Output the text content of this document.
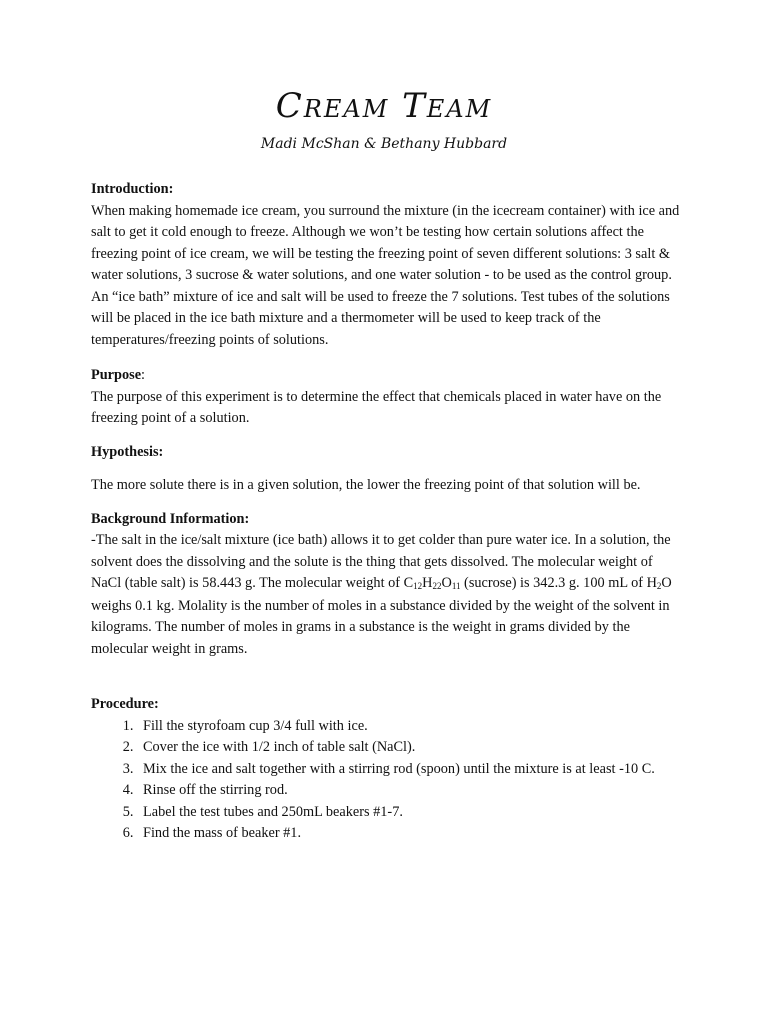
Cream Team
Madi McShan & Bethany Hubbard

Introduction:

When making homemade ice cream, you surround the mixture (in the icecream container) with ice and salt to get it cold enough to freeze. Although we won’t be testing how certain solutions affect the freezing point of ice cream, we will be testing the freezing point of seven different solutions: 3 salt & water solutions, 3 sucrose & water solutions, and one water solution - to be used as the control group. An “ice bath” mixture of ice and salt will be used to freeze the 7 solutions. Test tubes of the solutions will be placed in the ice bath mixture and a thermometer will be used to keep track of the temperatures/freezing points of solutions.

Purpose:

The purpose of this experiment is to determine the effect that chemicals placed in water have on the freezing point of a solution.

Hypothesis:

The more solute there is in a given solution, the lower the freezing point of that solution will be.

Background Information:

-The salt in the ice/salt mixture (ice bath) allows it to get colder than pure water ice. In a solution, the solvent does the dissolving and the solute is the thing that gets dissolved. The molecular weight of NaCl (table salt) is 58.443 g. The molecular weight of $C_{12}H_{22}O_{11}$ (sucrose) is 342.3 g. 100 mL of $H_2O$ weighs 0.1 kg. Molality is the number of moles in a substance divided by the weight of the solvent in kilograms. The number of moles in grams in a substance is the weight in grams divided by the molecular weight in grams.

Procedure:

1. Fill the styrofoam cup 3/4 full with ice.
2. Cover the ice with 1/2 inch of table salt (NaCl).
3. Mix the ice and salt together with a stirring rod (spoon) until the mixture is at least -10 C.
4. Rinse off the stirring rod.
5. Label the test tubes and 250mL beakers #1-7.
6. Find the mass of beaker #1.
